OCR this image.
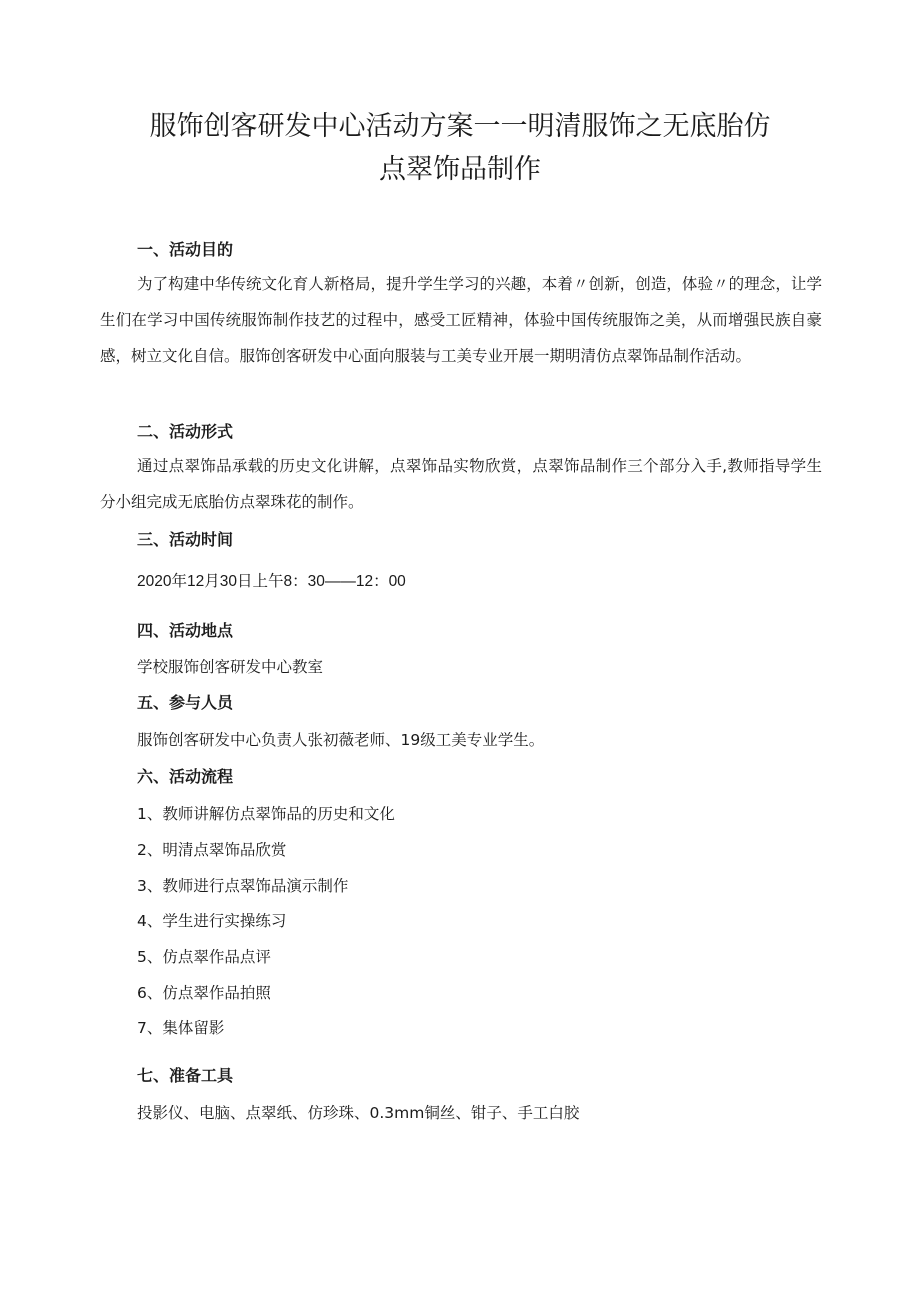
服饰创客研发中心活动方案一一明清服饰之无底胎仿
点翠饰品制作
一、活动目的

为了构建中华传统文化育人新格局，提升学生学习的兴趣，本着〃创新，创造，体验〃的理念，让学生们在学习中国传统服饰制作技艺的过程中，感受工匠精神，体验中国传统服饰之美，从而增强民族自豪感，树立文化自信。服饰创客研发中心面向服装与工美专业开展一期明清仿点翠饰品制作活动。

二、活动形式

通过点翠饰品承载的历史文化讲解，点翠饰品实物欣赏，点翠饰品制作三个部分入手,教师指导学生分小组完成无底胎仿点翠珠花的制作。

三、活动时间

2020年12月30日上午8：30——12：00

四、活动地点

学校服饰创客研发中心教室

五、参与人员

服饰创客研发中心负责人张初薇老师、19级工美专业学生。

六、活动流程

1、教师讲解仿点翠饰品的历史和文化

2、明清点翠饰品欣赏

3、教师进行点翠饰品演示制作

4、学生进行实操练习

5、仿点翠作品点评

6、仿点翠作品拍照

7、集体留影

七、准备工具

投影仪、电脑、点翠纸、仿珍珠、0.3mm铜丝、钳子、手工白胶
